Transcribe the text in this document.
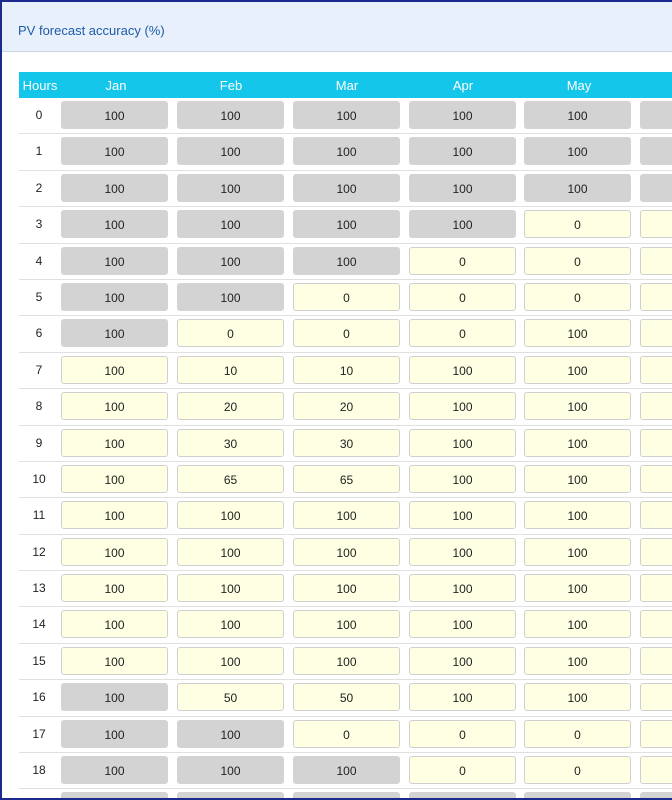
PV forecast accuracy (%)
Hours	Jan	Feb	Mar	Apr	May
0	100	100	100	100	100
1	100	100	100	100	100
2	100	100	100	100	100
3	100	100	100	100	0
4	100	100	100	0	0
5	100	100	0	0	0
6	100	0	0	0	100
7	100	10	10	100	100
8	100	20	20	100	100
9	100	30	30	100	100
10	100	65	65	100	100
11	100	100	100	100	100
12	100	100	100	100	100
13	100	100	100	100	100
14	100	100	100	100	100
15	100	100	100	100	100
16	100	50	50	100	100
17	100	100	0	0	0
18	100	100	100	0	0
